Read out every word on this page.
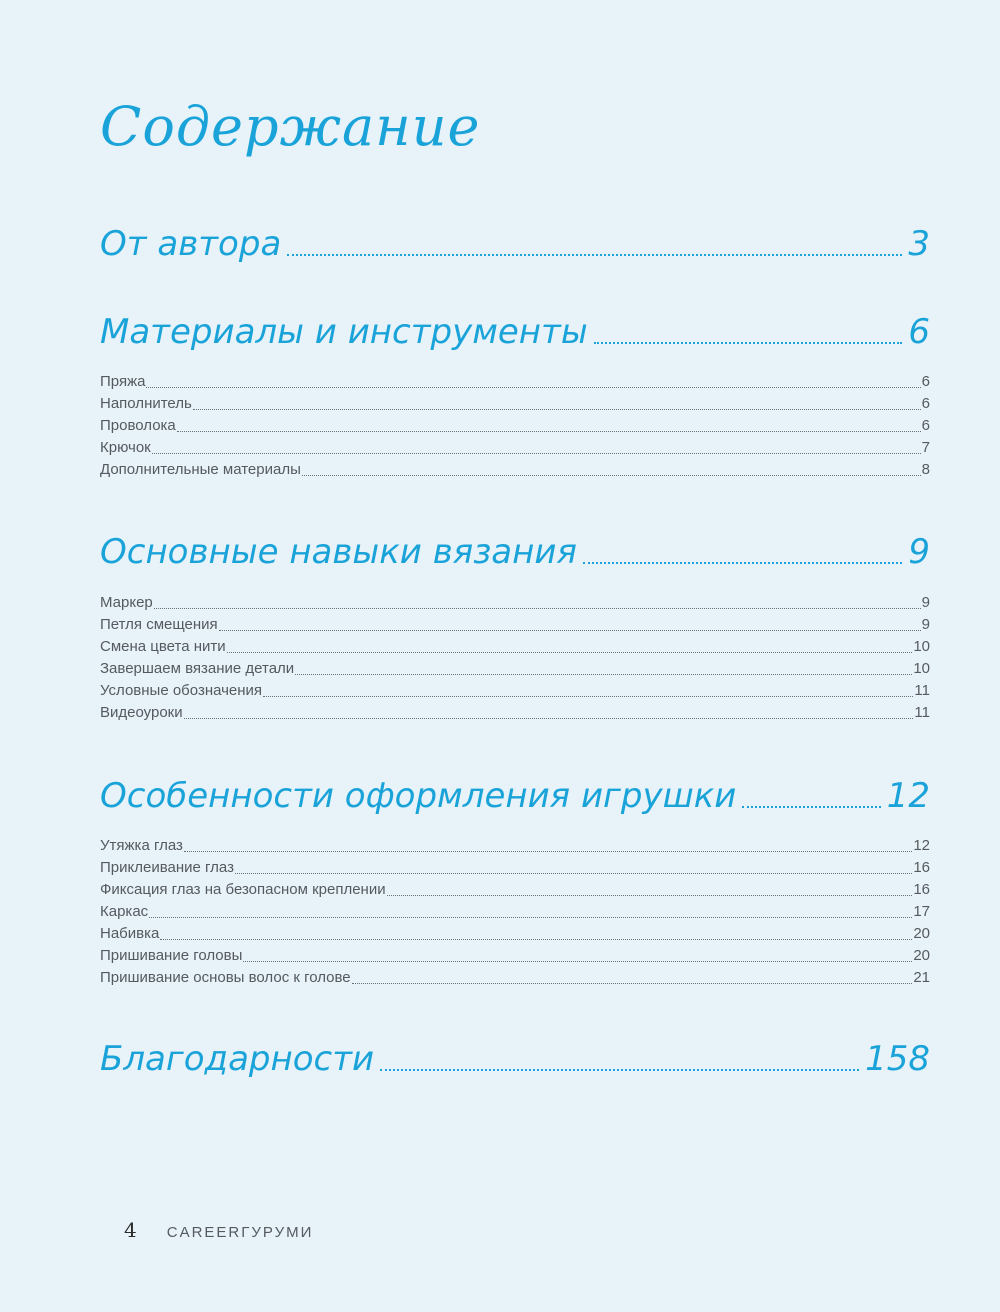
Содержание
От автора	3
Материалы и инструменты	6
Пряжа	6
Наполнитель	6
Проволока	6
Крючок	7
Дополнительные материалы	8
Основные навыки вязания	9
Маркер	9
Петля смещения	9
Смена цвета нити	10
Завершаем вязание детали	10
Условные обозначения	11
Видеоуроки	11
Особенности оформления игрушки	12
Утяжка глаз	12
Приклеивание глаз	16
Фиксация глаз на безопасном креплении	16
Каркас	17
Набивка	20
Пришивание головы	20
Пришивание основы волос к голове	21
Благодарности	158
4 CAREERГУРУМИ
